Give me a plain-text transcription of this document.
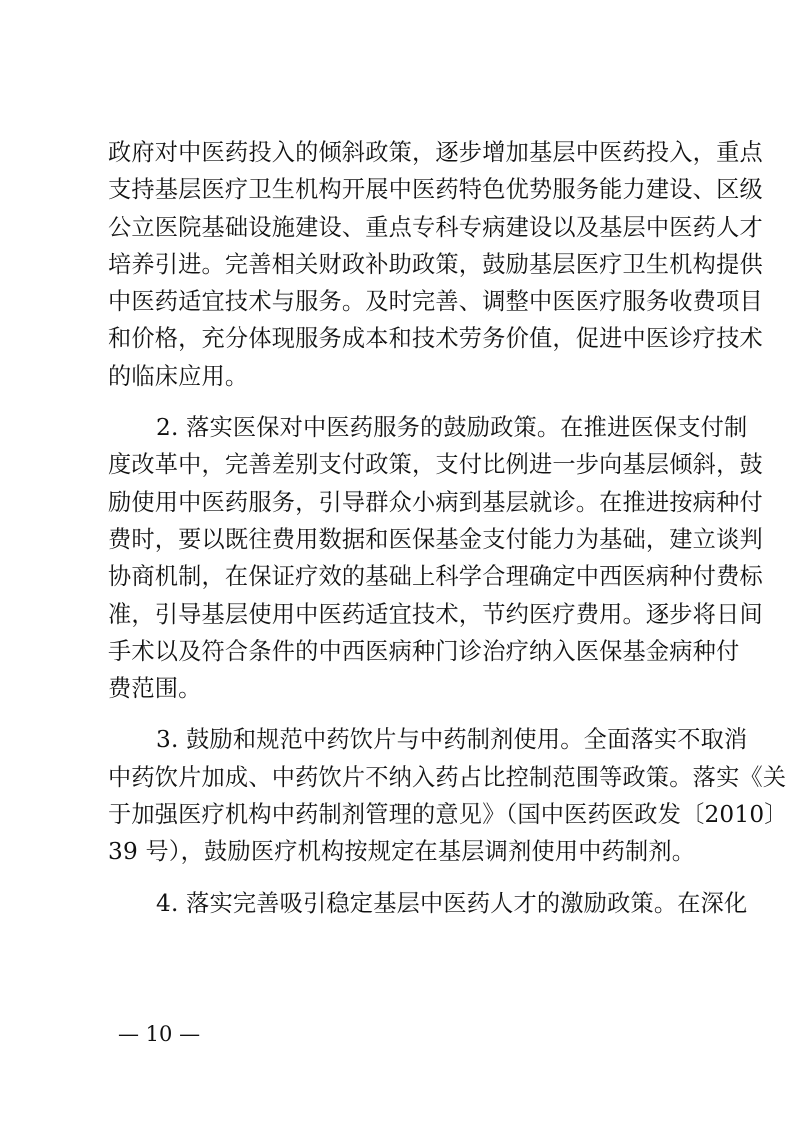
政府对中医药投入的倾斜政策，逐步增加基层中医药投入，重点
支持基层医疗卫生机构开展中医药特色优势服务能力建设、区级
公立医院基础设施建设、重点专科专病建设以及基层中医药人才
培养引进。完善相关财政补助政策，鼓励基层医疗卫生机构提供
中医药适宜技术与服务。及时完善、调整中医医疗服务收费项目
和价格，充分体现服务成本和技术劳务价值，促进中医诊疗技术
的临床应用。
2. 落实医保对中医药服务的鼓励政策。在推进医保支付制
度改革中，完善差别支付政策，支付比例进一步向基层倾斜，鼓
励使用中医药服务，引导群众小病到基层就诊。在推进按病种付
费时，要以既往费用数据和医保基金支付能力为基础，建立谈判
协商机制，在保证疗效的基础上科学合理确定中西医病种付费标
准，引导基层使用中医药适宜技术，节约医疗费用。逐步将日间
手术以及符合条件的中西医病种门诊治疗纳入医保基金病种付
费范围。
3. 鼓励和规范中药饮片与中药制剂使用。全面落实不取消
中药饮片加成、中药饮片不纳入药占比控制范围等政策。落实《关
于加强医疗机构中药制剂管理的意见》（国中医药医政发〔2010〕
39 号），鼓励医疗机构按规定在基层调剂使用中药制剂。
4. 落实完善吸引稳定基层中医药人才的激励政策。在深化
— 10 —
